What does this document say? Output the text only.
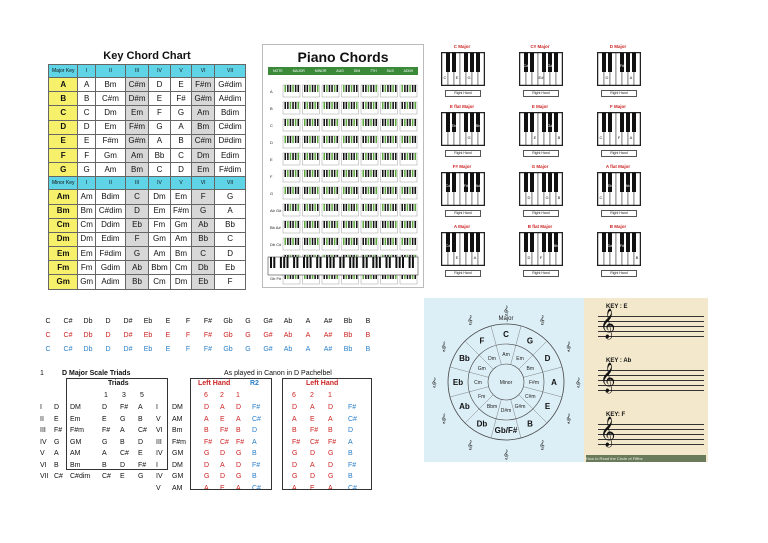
Key Chord Chart
Major Key	I	II	III	IV	V	VI	VII
A	A	Bm	C#m	D	E	F#m	G#dim
B	B	C#m	D#m	E	F#	G#m	A#dim
C	C	Dm	Em	F	G	Am	Bdim
D	D	Em	F#m	G	A	Bm	C#dim
E	E	F#m	G#m	A	B	C#m	D#dim
F	F	Gm	Am	Bb	C	Dm	Edim
G	G	Am	Bm	C	D	Em	F#dim
Minor Key	I	II	III	IV	V	VI	VII
Am	Am	Bdim	C	Dm	Em	F	G
Bm	Bm	C#dim	D	Em	F#m	G	A
Cm	Cm	Ddim	Eb	Fm	Gm	Ab	Bb
Dm	Dm	Edim	F	Gm	Am	Bb	C
Em	Em	F#dim	G	Am	Bm	C	D
Fm	Fm	Gdim	Ab	Bbm	Cm	Db	Eb
Gm	Gm	Adim	Bb	Cm	Dm	Eb	F
Piano Chords
NOTE	MAJOR	MINOR	AUG	DIM	7TH	SUS	ADD9
A
B
C
D
E
F
G
Ab G#
Bb A#
Db C#
Gb F#
C Major
C E G
Right Hand
C# Major
C#
E#
G#
Right Hand
D Major
D
F#
A
Right Hand
E flat Major
Eb
G
Bb
Right Hand
E Major
E
G#
B
Right Hand
F Major
F A
C
Right Hand
F# Major
F# A#
C#
Right Hand
G Major
G B
D
Right Hand
A flat Major
Ab
C
Eb
Right Hand
A Major
A
C#
E
Right Hand
B flat Major
Bb
D F
Right Hand
B Major
B
D# F#
Right Hand
C	C#	Db	D	D#	Eb	E	F	F#	Gb	G	G#	Ab	A	A#	Bb	B
C	C#	Db	D	D#	Eb	E	F	F#	Gb	G	G#	Ab	A	A#	Bb	B
C	C#	Db	D	D#	Eb	E	F	F#	Gb	G	G#	Ab	A	A#	Bb	B
1	D Major Scale Triads
Triads
1 3 5
I D DM	D F# A
II E Em	E G B
III F# F#m	F# A C#
IV G GM	G B D
V A AM	A C# E
VI B Bm	B D F#
VII C# C#dim C# E G
As played in Canon in D Pachelbel
Left Hand	R2	Left Hand
6 2 1	6 2 1
I DM	D A D F#	D A D F#
V AM	A E A C#	A E A C#
VI Bm	B F# B D	B F# B D
III F#m	F# C# F# A	F# C# F# A
IV GM	G D G B	G D G B
I DM	D A D F#	D A D F#
IV GM	G D G B	G D G B
V AM	A E A C#	A E A C#
C
Am
G
Em	D
Bm
A
F#m
E
C#m
B
G#m
Gb/F#
D#m
Db
Bbm
Ab
Fm
Eb Cm
Bb
Gm
F
Dm
Major
Minor
𝄞
𝄞
𝄞
𝄞
𝄞
𝄞
𝄞
𝄞
𝄞
𝄞
𝄞
𝄞
KEY : E
𝄞
KEY : Ab
𝄞
KEY: F
𝄞
How to Read the Circle of Fifths
